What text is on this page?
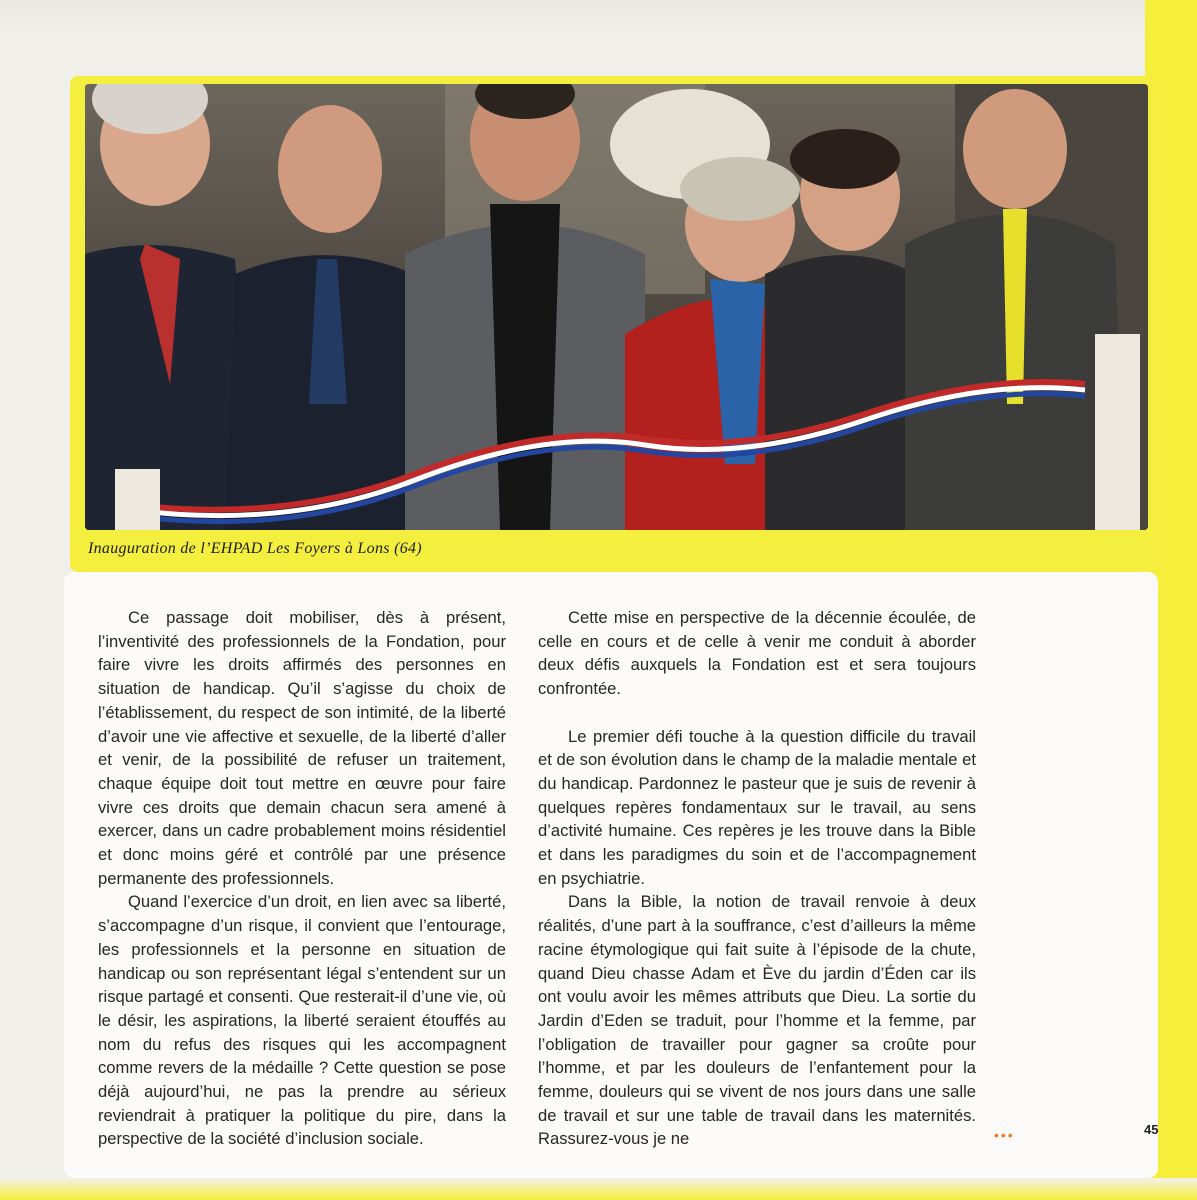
Inauguration de l’EHPAD Les Foyers à Lons (64)

Ce passage doit mobiliser, dès à présent, l’inventivité des professionnels de la Fondation, pour faire vivre les droits affirmés des personnes en situation de handicap. Qu’il s’agisse du choix de l’établissement, du respect de son intimité, de la liberté d’avoir une vie affective et sexuelle, de la liberté d’aller et venir, de la possibilité de refuser un traitement, chaque équipe doit tout mettre en œuvre pour faire vivre ces droits que demain chacun sera amené à exercer, dans un cadre probablement moins résidentiel et donc moins géré et contrôlé par une présence permanente des professionnels.

Quand l’exercice d’un droit, en lien avec sa liberté, s’accompagne d’un risque, il convient que l’entourage, les professionnels et la personne en situation de handicap ou son représentant légal s’entendent sur un risque partagé et consenti. Que resterait-il d’une vie, où le désir, les aspirations, la liberté seraient étouffés au nom du refus des risques qui les accompagnent comme revers de la médaille ? Cette question se pose déjà aujourd’hui, ne pas la prendre au sérieux reviendrait à pratiquer la politique du pire, dans la perspective de la société d’inclusion sociale.

Cette mise en perspective de la décennie écoulée, de celle en cours et de celle à venir me conduit à aborder deux défis auxquels la Fondation est et sera toujours confrontée.

Le premier défi touche à la question difficile du travail et de son évolution dans le champ de la maladie mentale et du handicap. Pardonnez le pasteur que je suis de revenir à quelques repères fondamentaux sur le travail, au sens d’activité humaine. Ces repères je les trouve dans la Bible et dans les paradigmes du soin et de l’accompagnement en psychiatrie.

Dans la Bible, la notion de travail renvoie à deux réalités, d’une part à la souffrance, c’est d’ailleurs la même racine étymologique qui fait suite à l’épisode de la chute, quand Dieu chasse Adam et Ève du jardin d’Éden car ils ont voulu avoir les mêmes attributs que Dieu. La sortie du Jardin d’Eden se traduit, pour l’homme et la femme, par l’obligation de travailler pour gagner sa croûte pour l’homme, et par les douleurs de l’enfantement pour la femme, douleurs qui se vivent de nos jours dans une salle de travail et sur une table de travail dans les maternités. Rassurez-vous je ne	•••	45
